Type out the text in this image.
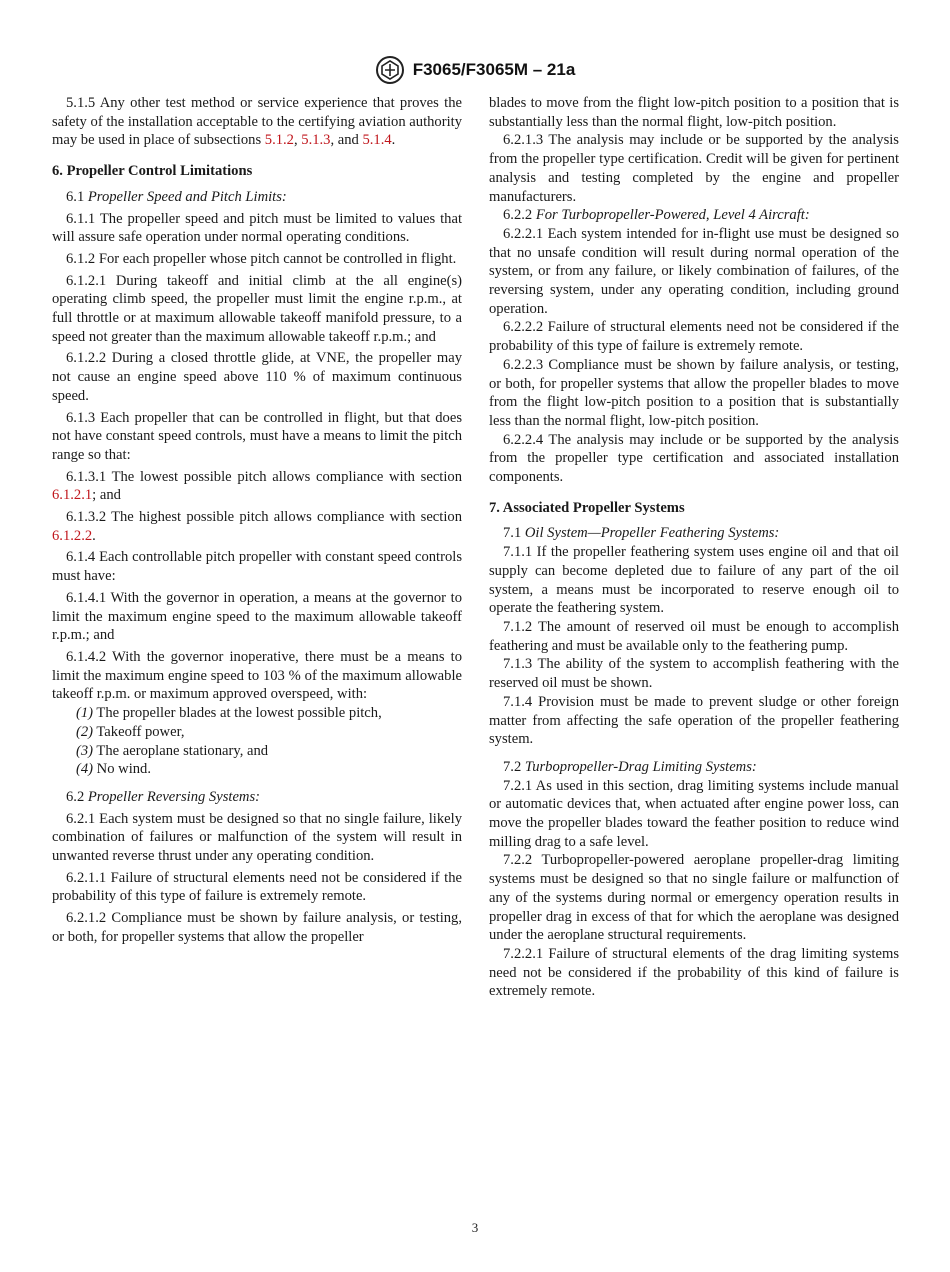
F3065/F3065M – 21a

5.1.5 Any other test method or service experience that proves the safety of the installation acceptable to the certifying aviation authority may be used in place of subsections 5.1.2, 5.1.3, and 5.1.4.

6. Propeller Control Limitations

6.1 Propeller Speed and Pitch Limits:

6.1.1 The propeller speed and pitch must be limited to values that will assure safe operation under normal operating conditions.

6.1.2 For each propeller whose pitch cannot be controlled in flight.

6.1.2.1 During takeoff and initial climb at the all engine(s) operating climb speed, the propeller must limit the engine r.p.m., at full throttle or at maximum allowable takeoff manifold pressure, to a speed not greater than the maximum allowable takeoff r.p.m.; and

6.1.2.2 During a closed throttle glide, at VNE, the propeller may not cause an engine speed above 110 % of maximum continuous speed.

6.1.3 Each propeller that can be controlled in flight, but that does not have constant speed controls, must have a means to limit the pitch range so that:

6.1.3.1 The lowest possible pitch allows compliance with section 6.1.2.1; and

6.1.3.2 The highest possible pitch allows compliance with section 6.1.2.2.

6.1.4 Each controllable pitch propeller with constant speed controls must have:

6.1.4.1 With the governor in operation, a means at the governor to limit the maximum engine speed to the maximum allowable takeoff r.p.m.; and

6.1.4.2 With the governor inoperative, there must be a means to limit the maximum engine speed to 103 % of the maximum allowable takeoff r.p.m. or maximum approved overspeed, with:

(1) The propeller blades at the lowest possible pitch,

(2) Takeoff power,

(3) The aeroplane stationary, and

(4) No wind.

6.2 Propeller Reversing Systems:

6.2.1 Each system must be designed so that no single failure, likely combination of failures or malfunction of the system will result in unwanted reverse thrust under any operating condition.

6.2.1.1 Failure of structural elements need not be considered if the probability of this type of failure is extremely remote.

6.2.1.2 Compliance must be shown by failure analysis, or testing, or both, for propeller systems that allow the propeller

blades to move from the flight low-pitch position to a position that is substantially less than the normal flight, low-pitch position.

6.2.1.3 The analysis may include or be supported by the analysis from the propeller type certification. Credit will be given for pertinent analysis and testing completed by the engine and propeller manufacturers.

6.2.2 For Turbopropeller-Powered, Level 4 Aircraft:

6.2.2.1 Each system intended for in-flight use must be designed so that no unsafe condition will result during normal operation of the system, or from any failure, or likely combination of failures, of the reversing system, under any operating condition, including ground operation.

6.2.2.2 Failure of structural elements need not be considered if the probability of this type of failure is extremely remote.

6.2.2.3 Compliance must be shown by failure analysis, or testing, or both, for propeller systems that allow the propeller blades to move from the flight low-pitch position to a position that is substantially less than the normal flight, low-pitch position.

6.2.2.4 The analysis may include or be supported by the analysis from the propeller type certification and associated installation components.

7. Associated Propeller Systems

7.1 Oil System—Propeller Feathering Systems:

7.1.1 If the propeller feathering system uses engine oil and that oil supply can become depleted due to failure of any part of the oil system, a means must be incorporated to reserve enough oil to operate the feathering system.

7.1.2 The amount of reserved oil must be enough to accomplish feathering and must be available only to the feathering pump.

7.1.3 The ability of the system to accomplish feathering with the reserved oil must be shown.

7.1.4 Provision must be made to prevent sludge or other foreign matter from affecting the safe operation of the propeller feathering system.

7.2 Turbopropeller-Drag Limiting Systems:

7.2.1 As used in this section, drag limiting systems include manual or automatic devices that, when actuated after engine power loss, can move the propeller blades toward the feather position to reduce wind milling drag to a safe level.

7.2.2 Turbopropeller-powered aeroplane propeller-drag limiting systems must be designed so that no single failure or malfunction of any of the systems during normal or emergency operation results in propeller drag in excess of that for which the aeroplane was designed under the aeroplane structural requirements.

7.2.2.1 Failure of structural elements of the drag limiting systems need not be considered if the probability of this kind of failure is extremely remote.

3
